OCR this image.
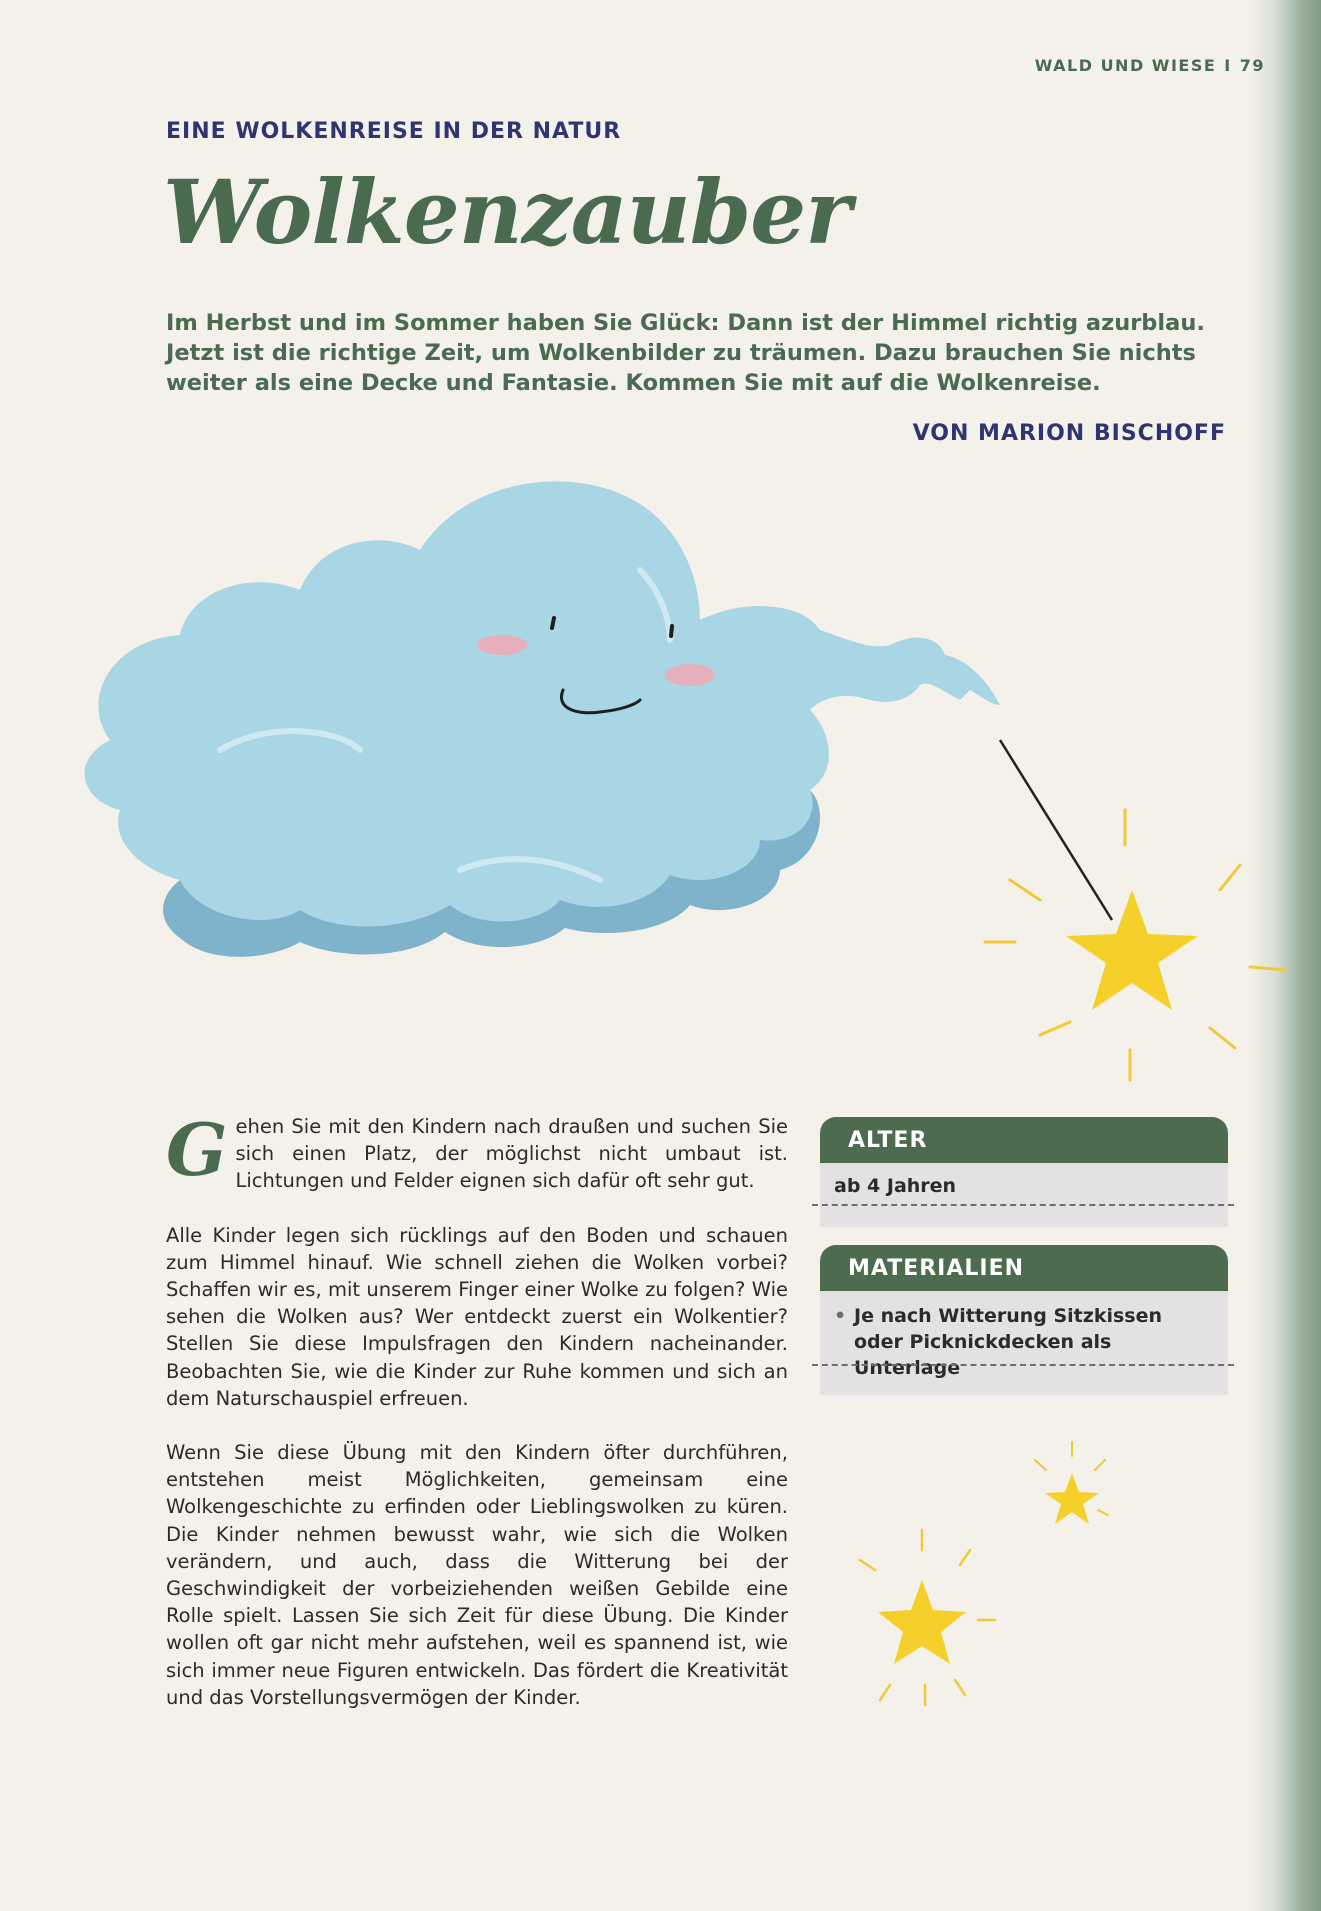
WALD UND WIESE I 79
EINE WOLKENREISE IN DER NATUR
Wolkenzauber
Im Herbst und im Sommer haben Sie Glück: Dann ist der Himmel richtig azurblau.
Jetzt ist die richtige Zeit, um Wolkenbilder zu träumen. Dazu brauchen Sie nichts
weiter als eine Decke und Fantasie. Kommen Sie mit auf die Wolkenreise.
VON MARION BISCHOFF

Gehen Sie mit den Kindern nach draußen und suchen Sie sich einen Platz, der möglichst nicht umbaut ist. Lichtungen und Felder eignen sich dafür oft sehr gut.

Alle Kinder legen sich rücklings auf den Boden und schauen zum Himmel hinauf. Wie schnell ziehen die Wolken vorbei? Schaffen wir es, mit unserem Finger einer Wolke zu folgen? Wie sehen die Wolken aus? Wer entdeckt zuerst ein Wolkentier? Stellen Sie diese Impulsfragen den Kindern nacheinander. Beobachten Sie, wie die Kinder zur Ruhe kommen und sich an dem Naturschauspiel erfreuen.

Wenn Sie diese Übung mit den Kindern öfter durchführen, entstehen meist Möglichkeiten, gemeinsam eine Wolkengeschichte zu erfinden oder Lieblingswolken zu küren. Die Kinder nehmen bewusst wahr, wie sich die Wolken verändern, und auch, dass die Witterung bei der Geschwindigkeit der vorbeiziehenden weißen Gebilde eine Rolle spielt. Lassen Sie sich Zeit für diese Übung. Die Kinder wollen oft gar nicht mehr aufstehen, weil es spannend ist, wie sich immer neue Figuren entwickeln. Das fördert die Kreativität und das Vorstellungsvermögen der Kinder.

ALTER
ab 4 Jahren
MATERIALIEN
• Je nach Witterung Sitzkissen oder Picknickdecken als Unterlage
